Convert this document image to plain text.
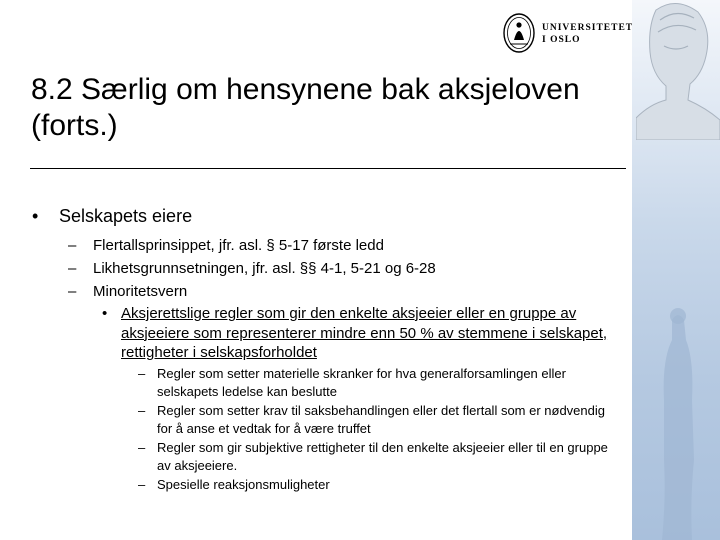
UNIVERSITETET
I OSLO
8.2 Særlig om hensynene bak aksjeloven (forts.)
• Selskapets eiere
– Flertallsprinsippet, jfr. asl. § 5-17 første ledd
– Likhetsgrunnsetningen, jfr. asl. §§ 4-1, 5-21 og 6-28
– Minoritetsvern
• Aksjerettslige regler som gir den enkelte aksjeeier eller en gruppe av aksjeeiere som representerer mindre enn 50 % av stemmene i selskapet, rettigheter i selskapsforholdet
– Regler som setter materielle skranker for hva generalforsamlingen eller selskapets ledelse kan beslutte
– Regler som setter krav til saksbehandlingen eller det flertall som er nødvendig for å anse et vedtak for å være truffet
– Regler som gir subjektive rettigheter til den enkelte aksjeeier eller til en gruppe av aksjeeiere.
– Spesielle reaksjonsmuligheter
